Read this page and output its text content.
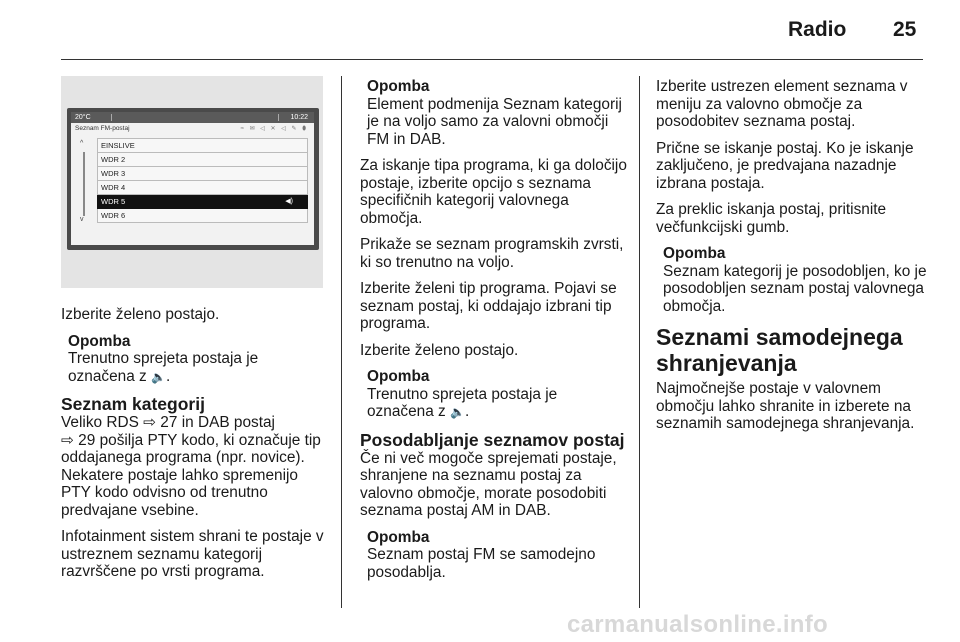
Radio 25
20°C	10:22
Seznam FM-postaj	≈ ✉ ◁ ✕ ◁ ✎ ⬮
^
v
EINSLIVE
WDR 2
WDR 3
WDR 4
WDR 5	◀)
WDR 6

Izberite želeno postajo.

Opomba
Trenutno sprejeta postaja je
označena z 🔈.
Seznam kategorij

Veliko RDS ⇨ 27 in DAB postaj
⇨ 29 pošilja PTY kodo, ki označuje tip oddajanega programa (npr. novice). Nekatere postaje lahko spremenijo PTY kodo odvisno od trenutno predvajane vsebine.

Infotainment sistem shrani te postaje v ustreznem seznamu kategorij razvrščene po vrsti programa.

Opomba
Element podmenija Seznam kategorij je na voljo samo za valovni območji FM in DAB.

Za iskanje tipa programa, ki ga določijo postaje, izberite opcijo s seznama specifičnih kategorij valovnega območja.

Prikaže se seznam programskih zvrsti, ki so trenutno na voljo.

Izberite želeni tip programa. Pojavi se seznam postaj, ki oddajajo izbrani tip programa.

Izberite želeno postajo.

Opomba
Trenutno sprejeta postaja je
označena z 🔈.
Posodabljanje seznamov postaj

Če ni več mogoče sprejemati postaje, shranjene na seznamu postaj za valovno območje, morate posodobiti seznama postaj AM in DAB.

Opomba
Seznam postaj FM se samodejno posodablja.

Izberite ustrezen element seznama v meniju za valovno območje za posodobitev seznama postaj.

Prične se iskanje postaj. Ko je iskanje zaključeno, je predvajana nazadnje izbrana postaja.

Za preklic iskanja postaj, pritisnite večfunkcijski gumb.

Opomba
Seznam kategorij je posodobljen, ko je posodobljen seznam postaj valovnega območja.
Seznami samodejnega shranjevanja

Najmočnejše postaje v valovnem območju lahko shranite in izberete na seznamih samodejnega shranjevanja.

carmanualsonline.info
